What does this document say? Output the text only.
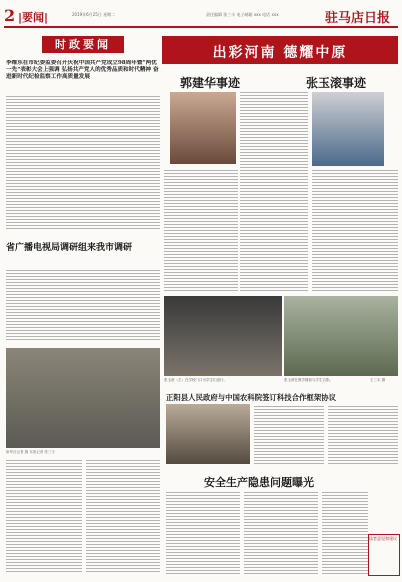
2 |要闻|	2019年6月25日 星期二	责任编辑 张三丰 电子邮箱 xxx 电话 xxx	驻马店日报
时政要闻
李维东在市纪委监委召开庆祝中国共产党成立98周年暨“两优一先”表彰大会上强调 弘扬共产党人的优秀品质和时代精神 奋进新时代纪检监察工作高质量发展
省广播电视局调研组来我市调研
新华社记者 摄 本报记者 张三丰
出彩河南 德耀中原
郭建华事迹	张玉滚事迹
张玉滚（左）在学校门口为学生们送行。	张玉滚在教学楼前与学生合影。	王三丰 摄
正阳县人民政府与中国农科院签订科技合作框架协议
安全生产隐患问题曝光
读者意见和建议
